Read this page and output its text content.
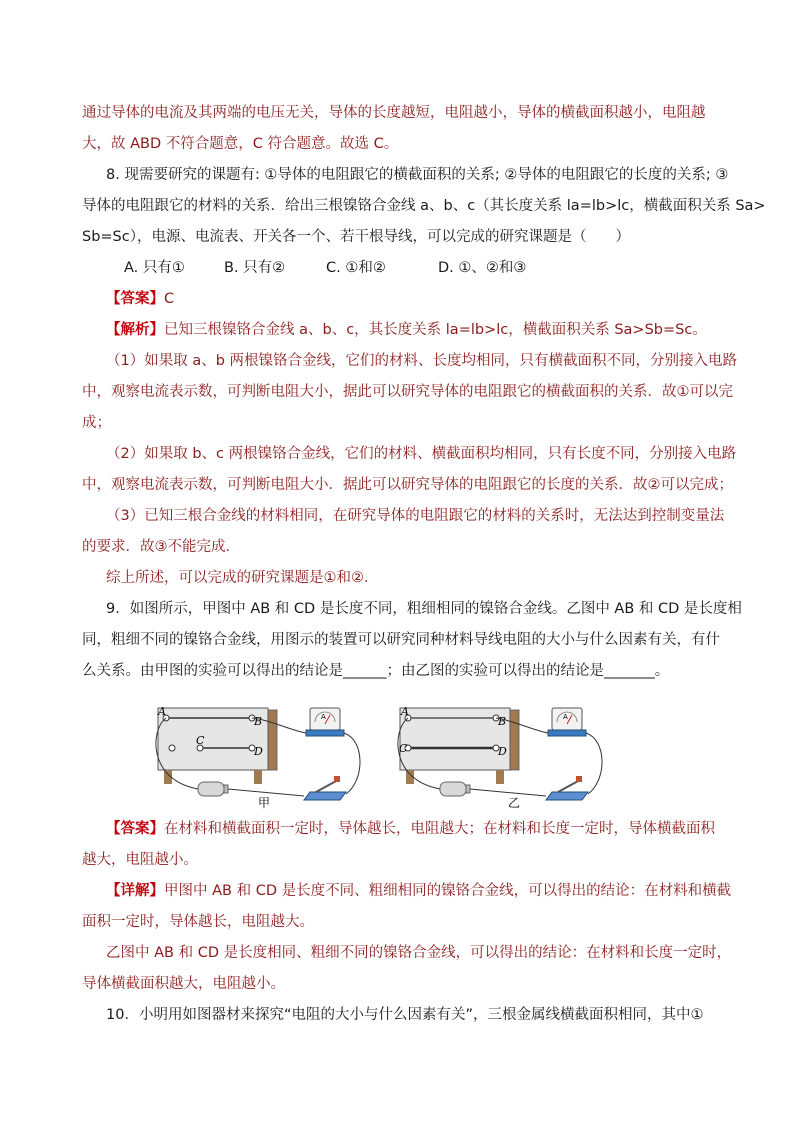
通过导体的电流及其两端的电压无关，导体的长度越短，电阻越小，导体的横截面积越小，电阻越
大，故 ABD 不符合题意，C 符合题意。故选 C。
8. 现需要研究的课题有: ①导体的电阻跟它的横截面积的关系; ②导体的电阻跟它的长度的关系; ③
导体的电阻跟它的材料的关系．给出三根镍铬合金线 a、b、c（其长度关系 la=lb>lc，横截面积关系 Sa>
Sb=Sc），电源、电流表、开关各一个、若干根导线，可以完成的研究课题是（　　）
A. 只有①	B. 只有②	C. ①和②	D. ①、②和③
【答案】C
【解析】已知三根镍铬合金线 a、b、c，其长度关系 la=lb>lc，横截面积关系 Sa>Sb=Sc。
（1）如果取 a、b 两根镍铬合金线，它们的材料、长度均相同，只有横截面积不同，分别接入电路
中，观察电流表示数，可判断电阻大小，据此可以研究导体的电阻跟它的横截面积的关系．故①可以完
成；
（2）如果取 b、c 两根镍铬合金线，它们的材料、横截面积均相同，只有长度不同，分别接入电路
中，观察电流表示数，可判断电阻大小．据此可以研究导体的电阻跟它的长度的关系．故②可以完成；
（3）已知三根合金线的材料相同，在研究导体的电阻跟它的材料的关系时，无法达到控制变量法
的要求．故③不能完成．
综上所述，可以完成的研究课题是①和②．
9．如图所示，甲图中 AB 和 CD 是长度不同，粗细相同的镍铬合金线。乙图中 AB 和 CD 是长度相
同，粗细不同的镍铬合金线，用图示的装置可以研究同种材料导线电阻的大小与什么因素有关，有什
么关系。由甲图的实验可以得出的结论是______；由乙图的实验可以得出的结论是_______。
A
B
C
D
A	A
B
C	D
A
甲	乙
【答案】在材料和横截面积一定时，导体越长，电阻越大；在材料和长度一定时，导体横截面积
越大，电阻越小。
【详解】甲图中 AB 和 CD 是长度不同、粗细相同的镍铬合金线，可以得出的结论：在材料和横截
面积一定时，导体越长，电阻越大。
乙图中 AB 和 CD 是长度相同、粗细不同的镍铬合金线，可以得出的结论：在材料和长度一定时，
导体横截面积越大，电阻越小。
10．小明用如图器材来探究“电阻的大小与什么因素有关”，三根金属线横截面积相同，其中①
